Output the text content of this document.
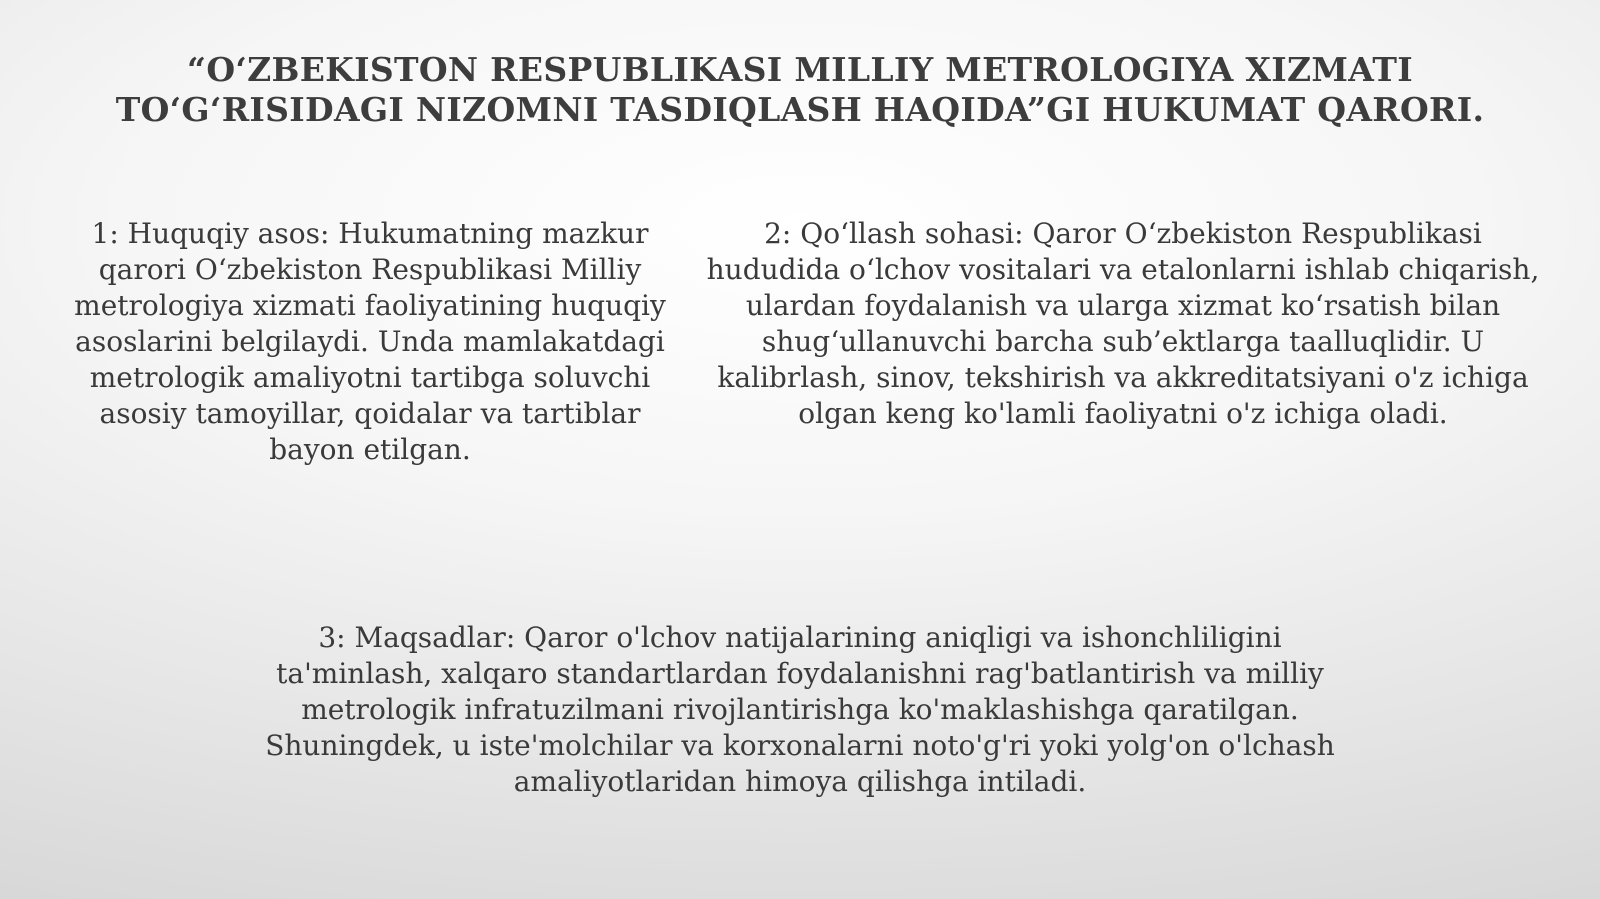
“O‘ZBEKISTON RESPUBLIKASI MILLIY METROLOGIYA XIZMATI TO‘G‘RISIDAGI NIZOMNI TASDIQLASH HAQIDA”GI HUKUMAT QARORI.

1: Huquqiy asos: Hukumatning mazkur qarori O‘zbekiston Respublikasi Milliy metrologiya xizmati faoliyatining huquqiy asoslarini belgilaydi. Unda mamlakatdagi metrologik amaliyotni tartibga soluvchi asosiy tamoyillar, qoidalar va tartiblar bayon etilgan.

2: Qo‘llash sohasi: Qaror O‘zbekiston Respublikasi hududida o‘lchov vositalari va etalonlarni ishlab chiqarish, ulardan foydalanish va ularga xizmat ko‘rsatish bilan shug‘ullanuvchi barcha sub’ektlarga taalluqlidir. U kalibrlash, sinov, tekshirish va akkreditatsiyani o'z ichiga olgan keng ko'lamli faoliyatni o'z ichiga oladi.

3: Maqsadlar: Qaror o'lchov natijalarining aniqligi va ishonchliligini ta'minlash, xalqaro standartlardan foydalanishni rag'batlantirish va milliy metrologik infratuzilmani rivojlantirishga ko'maklashishga qaratilgan. Shuningdek, u iste'molchilar va korxonalarni noto'g'ri yoki yolg'on o'lchash amaliyotlaridan himoya qilishga intiladi.
